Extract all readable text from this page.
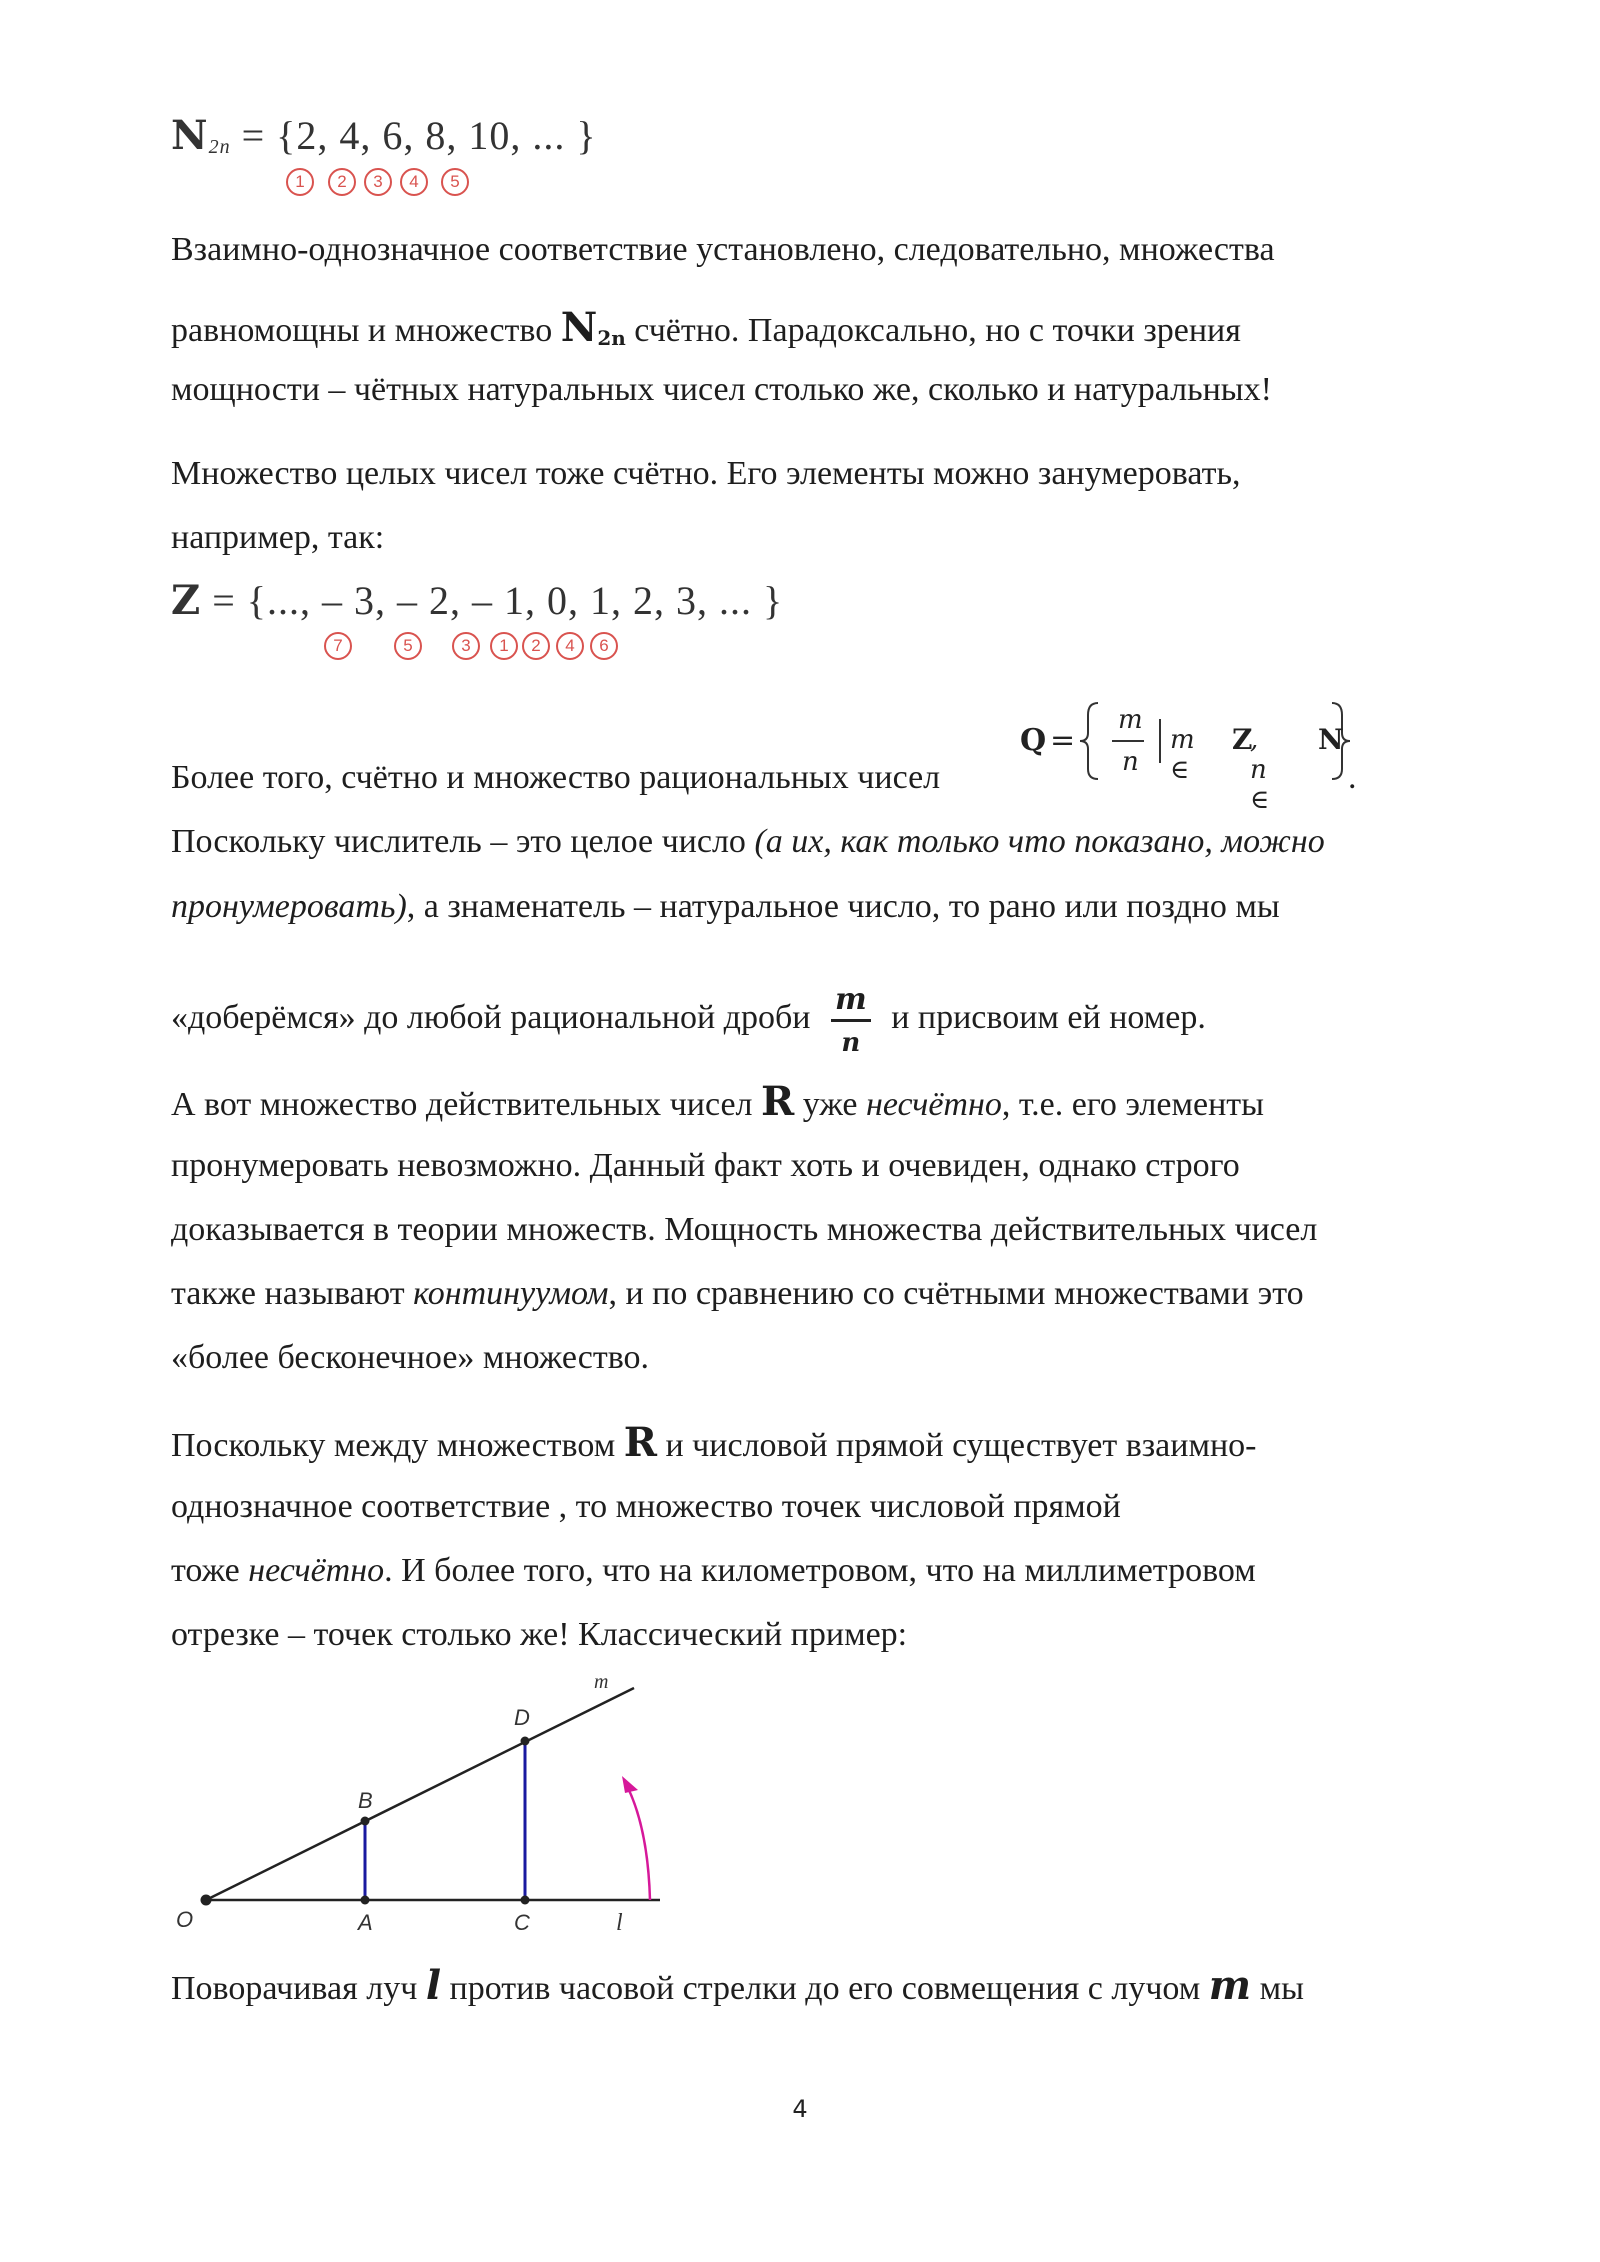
$N_{2n} = \{2$, 4, 6, 8, 10, ... }
1	2	3	4	5
Взаимно-однозначное соответствие установлено, следовательно, множества
равномощны и множество $N_{2n}$ счётно. Парадоксально, но с точки зрения
мощности – чётных натуральных чисел столько же, сколько и натуральных!
Множество целых чисел тоже счётно. Его элементы можно занумеровать,
например, так:
Z = {..., – 3, – 2, – 1, 0, 1, 2, 3, ... }
7	5	3	1	2	4	6
Более того, счётно и множество рациональных чисел
Q =
m
n
m ∈
Z
, n ∈
N
.
Поскольку числитель – это целое число (а их, как только что показано, можно
пронумеровать), а знаменатель – натуральное число, то рано или поздно мы
«доберёмся» до любой рациональной дроби $\frac{m}{n}$ и присвоим ей номер.
А вот множество действительных чисел R уже несчётно, т.е. его элементы
пронумеровать невозможно. Данный факт хоть и очевиден, однако строго
доказывается в теории множеств. Мощность множества действительных чисел
также называют континуумом, и по сравнению со счётными множествами это
«более бесконечное» множество.
Поскольку между множеством R и числовой прямой существует взаимно-
однозначное соответствие , то множество точек числовой прямой
тоже несчётно. И более того, что на километровом, что на миллиметровом
отрезке – точек столько же! Классический пример:
O	A
B
C
D
l
m
Поворачивая луч l против часовой стрелки до его совмещения с лучом m мы
4
